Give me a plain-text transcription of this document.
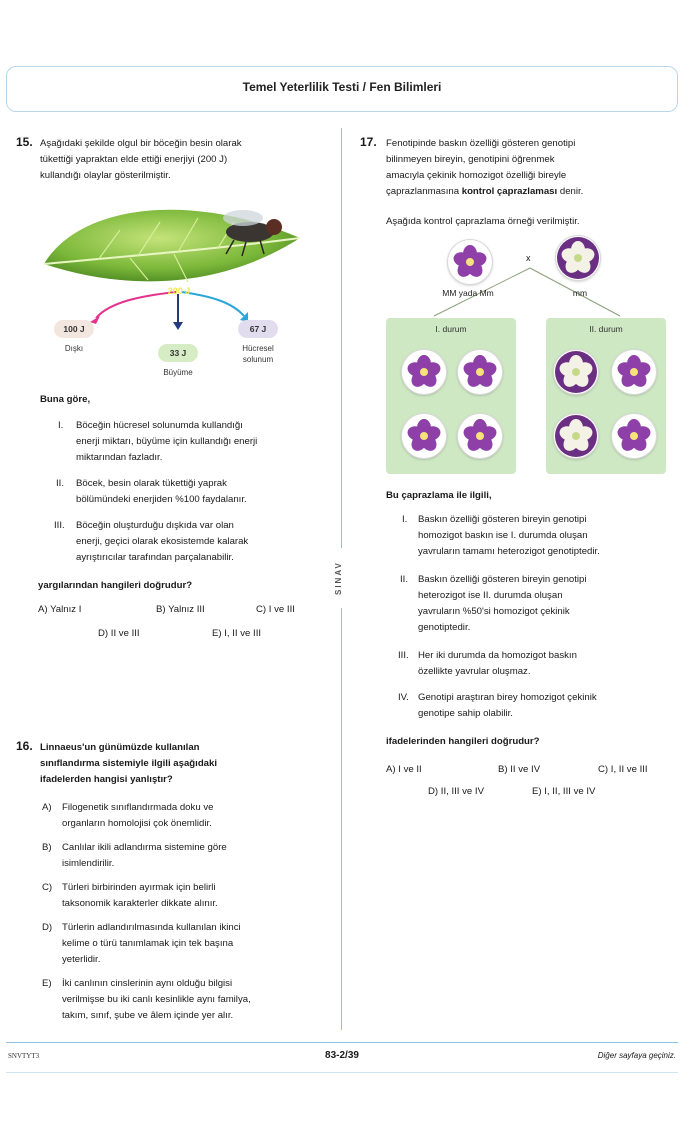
Temel Yeterlilik Testi / Fen Bilimleri
SINAV
15. Aşağıdaki şekilde olgul bir böceğin besin olarak
tükettiği yapraktan elde ettiği enerjiyi (200 J)
kullandığı olaylar gösterilmiştir.
200 J
100 J
Dışkı	33 J
Büyüme
67 J
Hücresel solunum
Buna göre,
I. Böceğin hücresel solunumda kullandığı
enerji miktarı, büyüme için kullandığı enerji
miktarından fazladır.
II. Böcek, besin olarak tükettiği yaprak
bölümündeki enerjiden %100 faydalanır.
III. Böceğin oluşturduğu dışkıda var olan
enerji, geçici olarak ekosistemde kalarak
ayrıştırıcılar tarafından parçalanabilir.
yargılarından hangileri doğrudur?
A) Yalnız I	B) Yalnız III	C) I ve III
D) II ve III	E) I, II ve III
16. Linnaeus'un günümüzde kullanılan
sınıflandırma sistemiyle ilgili aşağıdaki
ifadelerden hangisi yanlıştır?
A) Filogenetik sınıflandırmada doku ve
organların homolojisi çok önemlidir.
B) Canlılar ikili adlandırma sistemine göre
isimlendirilir.
C) Türleri birbirinden ayırmak için belirli
taksonomik karakterler dikkate alınır.
D) Türlerin adlandırılmasında kullanılan ikinci
kelime o türü tanımlamak için tek başına
yeterlidir.
E) İki canlının cinslerinin aynı olduğu bilgisi
verilmişse bu iki canlı kesinlikle aynı familya,
takım, sınıf, şube ve âlem içinde yer alır.
17. Fenotipinde baskın özelliği gösteren genotipi
bilinmeyen bireyin, genotipini öğrenmek
amacıyla çekinik homozigot özelliği bireyle
çaprazlanmasına kontrol çaprazlaması denir.
Aşağıda kontrol çaprazlama örneği verilmiştir.
x
MM yada Mm	mm
I. durum	II. durum
Bu çaprazlama ile ilgili,
I. Baskın özelliği gösteren bireyin genotipi
homozigot baskın ise I. durumda oluşan
yavruların tamamı heterozigot genotiptedir.
II. Baskın özelliği gösteren bireyin genotipi
heterozigot ise II. durumda oluşan
yavruların %50'si homozigot çekinik
genotiptedir.
III. Her iki durumda da homozigot baskın
özellikte yavrular oluşmaz.
IV. Genotipi araştıran birey homozigot çekinik
genotipe sahip olabilir.
ifadelerinden hangileri doğrudur?
A) I ve II	B) II ve IV	C) I, II ve III
D) II, III ve IV	E) I, II, III ve IV
SNVTYT3	83-2/39	Diğer sayfaya geçiniz.
